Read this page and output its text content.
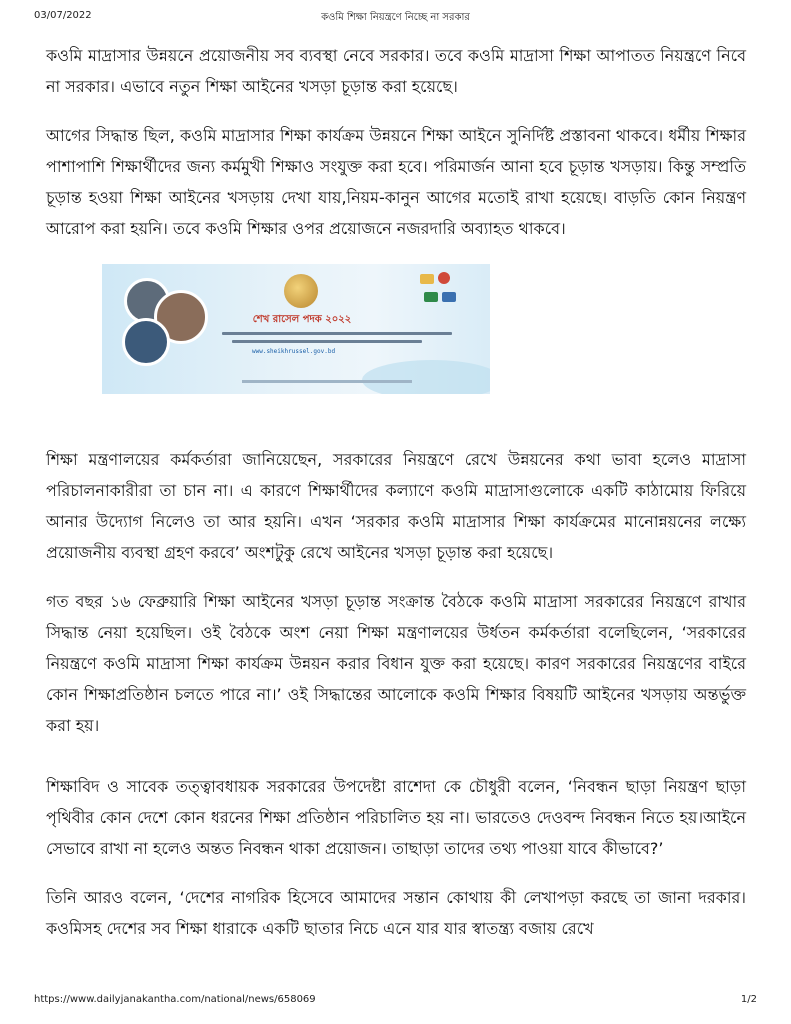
03/07/2022	কওমি শিক্ষা নিয়ন্ত্রণে নিচ্ছে না সরকার

কওমি মাদ্রাসার উন্নয়নে প্রয়োজনীয় সব ব্যবস্থা নেবে সরকার। তবে কওমি মাদ্রাসা শিক্ষা আপাতত নিয়ন্ত্রণে নিবে না সরকার। এভাবে নতুন শিক্ষা আইনের খসড়া চূড়ান্ত করা হয়েছে।

আগের সিদ্ধান্ত ছিল, কওমি মাদ্রাসার শিক্ষা কার্যক্রম উন্নয়নে শিক্ষা আইনে সুনির্দিষ্ট প্রস্তাবনা থাকবে। ধর্মীয় শিক্ষার পাশাপাশি শিক্ষার্থীদের জন্য কর্মমুখী শিক্ষাও সংযুক্ত করা হবে। পরিমার্জন আনা হবে চূড়ান্ত খসড়ায়। কিন্তু সম্প্রতি চূড়ান্ত হওয়া শিক্ষা আইনের খসড়ায় দেখা যায়,নিয়ম-কানুন আগের মতোই রাখা হয়েছে। বাড়তি কোন নিয়ন্ত্রণ আরোপ করা হয়নি। তবে কওমি শিক্ষার ওপর প্রয়োজনে নজরদারি অব্যাহত থাকবে।

শেখ রাসেল পদক ২০২২
www.sheikhrussel.gov.bd

শিক্ষা মন্ত্রণালয়ের কর্মকর্তারা জানিয়েছেন, সরকারের নিয়ন্ত্রণে রেখে উন্নয়নের কথা ভাবা হলেও মাদ্রাসা পরিচালনাকারীরা তা চান না। এ কারণে শিক্ষার্থীদের কল্যাণে কওমি মাদ্রাসাগুলোকে একটি কাঠামোয় ফিরিয়ে আনার উদ্যোগ নিলেও তা আর হয়নি। এখন ‘সরকার কওমি মাদ্রাসার শিক্ষা কার্যক্রমের মানোন্নয়নের লক্ষ্যে প্রয়োজনীয় ব্যবস্থা গ্রহণ করবে’ অংশটুকু রেখে আইনের খসড়া চূড়ান্ত করা হয়েছে।

গত বছর ১৬ ফেব্রুয়ারি শিক্ষা আইনের খসড়া চূড়ান্ত সংক্রান্ত বৈঠকে কওমি মাদ্রাসা সরকারের নিয়ন্ত্রণে রাখার সিদ্ধান্ত নেয়া হয়েছিল। ওই বৈঠকে অংশ নেয়া শিক্ষা মন্ত্রণালয়ের উর্ধতন কর্মকর্তারা বলেছিলেন, ‘সরকারের নিয়ন্ত্রণে কওমি মাদ্রাসা শিক্ষা কার্যক্রম উন্নয়ন করার বিধান যুক্ত করা হয়েছে। কারণ সরকারের নিয়ন্ত্রণের বাইরে কোন শিক্ষাপ্রতিষ্ঠান চলতে পারে না।’ ওই সিদ্ধান্তের আলোকে কওমি শিক্ষার বিষয়টি আইনের খসড়ায় অন্তর্ভুক্ত করা হয়।

শিক্ষাবিদ ও সাবেক তত্ত্বাবধায়ক সরকারের উপদেষ্টা রাশেদা কে চৌধুরী বলেন, ‘নিবন্ধন ছাড়া নিয়ন্ত্রণ ছাড়া পৃথিবীর কোন দেশে কোন ধরনের শিক্ষা প্রতিষ্ঠান পরিচালিত হয় না। ভারতেও দেওবন্দ নিবন্ধন নিতে হয়।আইনে সেভাবে রাখা না হলেও অন্তত নিবন্ধন থাকা প্রয়োজন। তাছাড়া তাদের তথ্য পাওয়া যাবে কীভাবে?’

তিনি আরও বলেন, ‘দেশের নাগরিক হিসেবে আমাদের সন্তান কোথায় কী লেখাপড়া করছে তা জানা দরকার। কওমিসহ দেশের সব শিক্ষা ধারাকে একটি ছাতার নিচে এনে যার যার স্বাতন্ত্র্য বজায় রেখে

https://www.dailyjanakantha.com/national/news/658069	1/2
